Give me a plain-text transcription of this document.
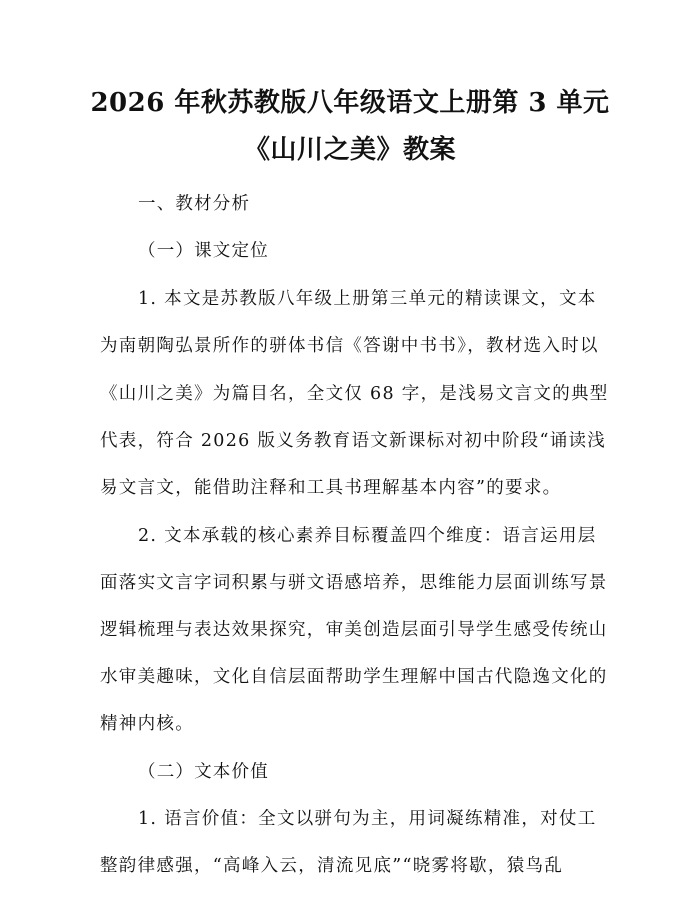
2026 年秋苏教版八年级语文上册第 3 单元
《山川之美》教案
一、教材分析
（一）课文定位
1. 本文是苏教版八年级上册第三单元的精读课文，文本
为南朝陶弘景所作的骈体书信《答谢中书书》，教材选入时以
《山川之美》为篇目名，全文仅 68 字，是浅易文言文的典型
代表，符合 2026 版义务教育语文新课标对初中阶段“诵读浅
易文言文，能借助注释和工具书理解基本内容”的要求。
2. 文本承载的核心素养目标覆盖四个维度：语言运用层
面落实文言字词积累与骈文语感培养，思维能力层面训练写景
逻辑梳理与表达效果探究，审美创造层面引导学生感受传统山
水审美趣味，文化自信层面帮助学生理解中国古代隐逸文化的
精神内核。
（二）文本价值
1. 语言价值：全文以骈句为主，用词凝练精准，对仗工
整韵律感强，“高峰入云，清流见底”“晓雾将歇，猿鸟乱
